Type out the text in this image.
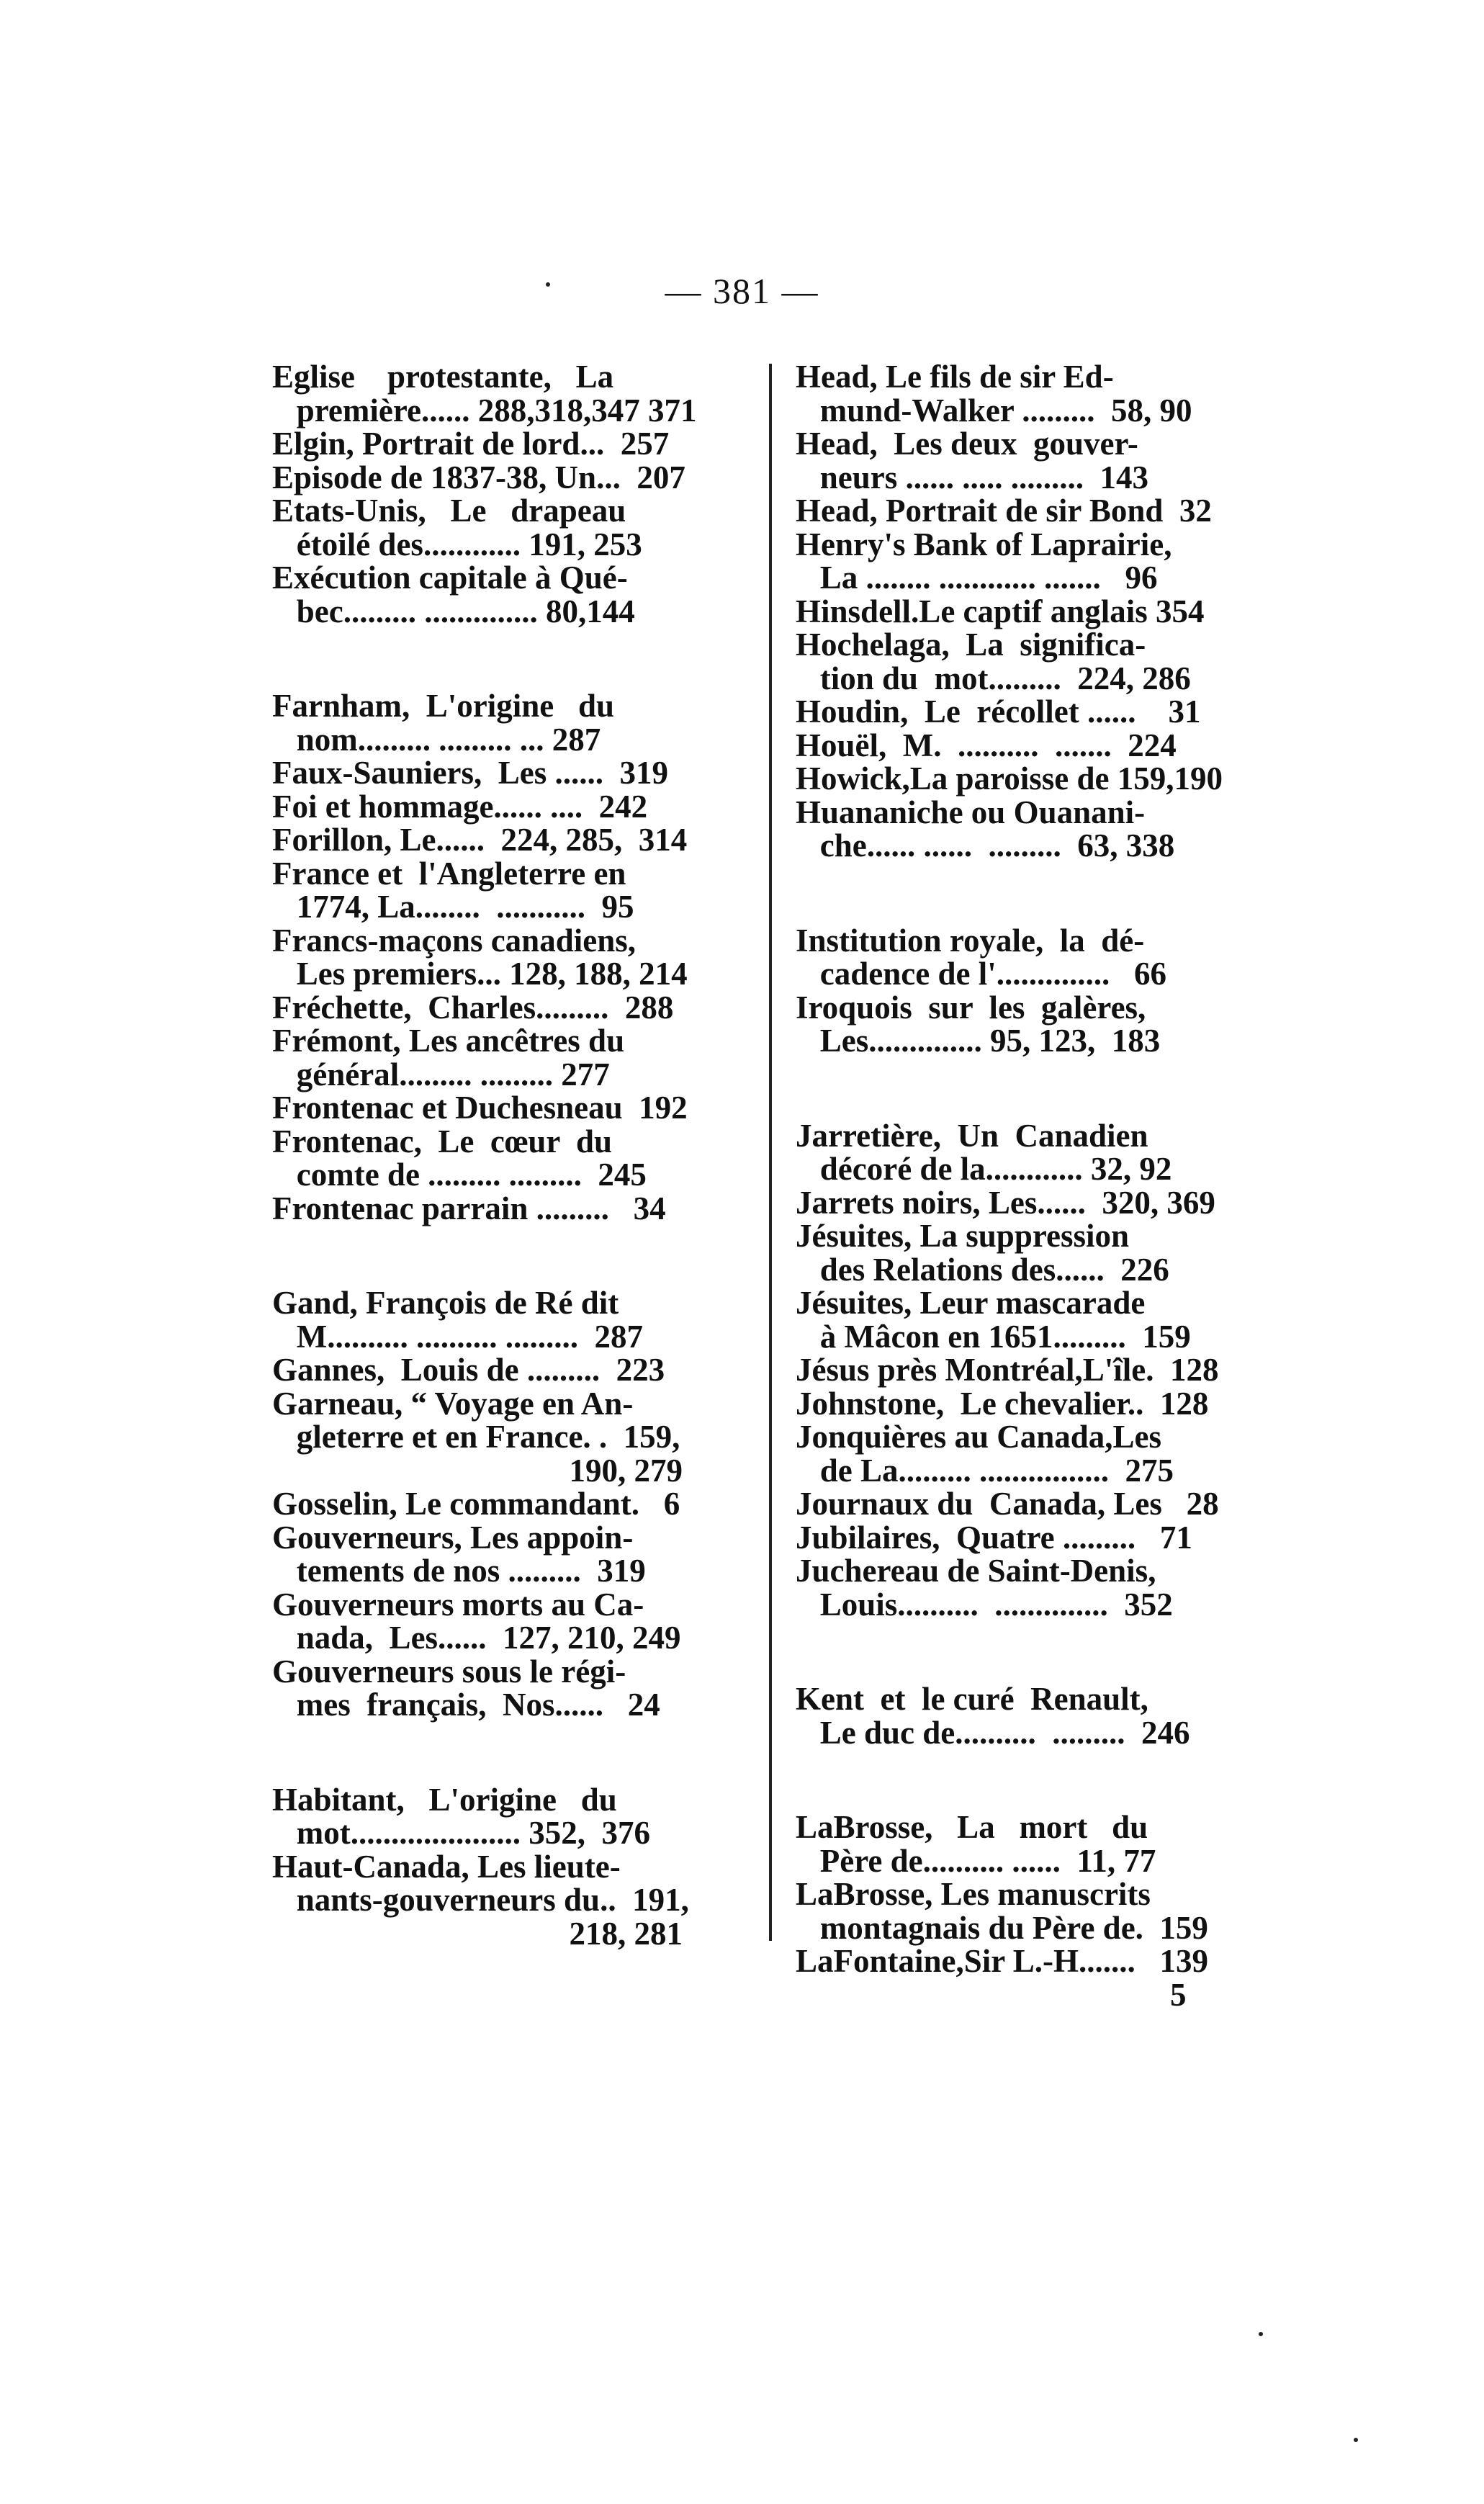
— 381 —
Eglise    protestante,   La
première...... 288,318,347 371
Elgin, Portrait de lord...  257
Episode de 1837-38, Un...  207
Etats-Unis,   Le   drapeau
étoilé des............ 191, 253
Exécution capitale à Qué-
bec......... .............. 80,144
Farnham,  L'origine   du
nom......... ......... ... 287
Faux-Sauniers,  Les ......  319
Foi et hommage...... ....  242
Forillon, Le......  224, 285,  314
France et  l'Angleterre en
1774, La........  ...........  95
Francs-maçons canadiens,
Les premiers... 128, 188, 214
Fréchette,  Charles.........  288
Frémont, Les ancêtres du
général......... ......... 277
Frontenac et Duchesneau  192
Frontenac,  Le  cœur  du
comte de ......... .........  245
Frontenac parrain .........   34
Gand, François de Ré dit
M.......... .......... .........  287
Gannes,  Louis de .........  223
Garneau, “ Voyage en An-
gleterre et en France. .  159,
190, 279
Gosselin, Le commandant.   6
Gouverneurs, Les appoin-
tements de nos .........  319
Gouverneurs morts au Ca-
nada,  Les......  127, 210, 249
Gouverneurs sous le régi-
mes  français,  Nos......   24
Habitant,   L'origine   du
mot..................... 352,  376
Haut-Canada, Les lieute-
nants-gouverneurs du..  191,
218, 281
Head, Le fils de sir Ed-
mund-Walker .........  58, 90
Head,  Les deux  gouver-
neurs ...... ..... .........  143
Head, Portrait de sir Bond  32
Henry's Bank of Laprairie,
La ........ ............ .......   96
Hinsdell.Le captif anglais 354
Hochelaga,  La  significa-
tion du  mot.........  224, 286
Houdin,  Le  récollet ......    31
Houël,  M.  ..........  .......  224
Howick,La paroisse de 159,190
Huananiche ou Ouanani-
che...... ......  .........  63, 338
Institution royale,  la  dé-
cadence de l'..............   66
Iroquois  sur  les  galères,
Les.............. 95, 123,  183
Jarretière,  Un  Canadien
décoré de la............ 32, 92
Jarrets noirs, Les......  320, 369
Jésuites, La suppression
des Relations des......  226
Jésuites, Leur mascarade
à Mâcon en 1651.........  159
Jésus près Montréal,L'île.  128
Johnstone,  Le chevalier..  128
Jonquières au Canada,Les
de La......... ................  275
Journaux du  Canada, Les   28
Jubilaires,  Quatre .........   71
Juchereau de Saint-Denis,
Louis..........  ..............  352
Kent  et  le curé  Renault,
Le duc de..........  .........  246
LaBrosse,   La   mort   du
Père de.......... ......  11, 77
LaBrosse, Les manuscrits
montagnais du Père de.  159
LaFontaine,Sir L.-H.......   139
5
